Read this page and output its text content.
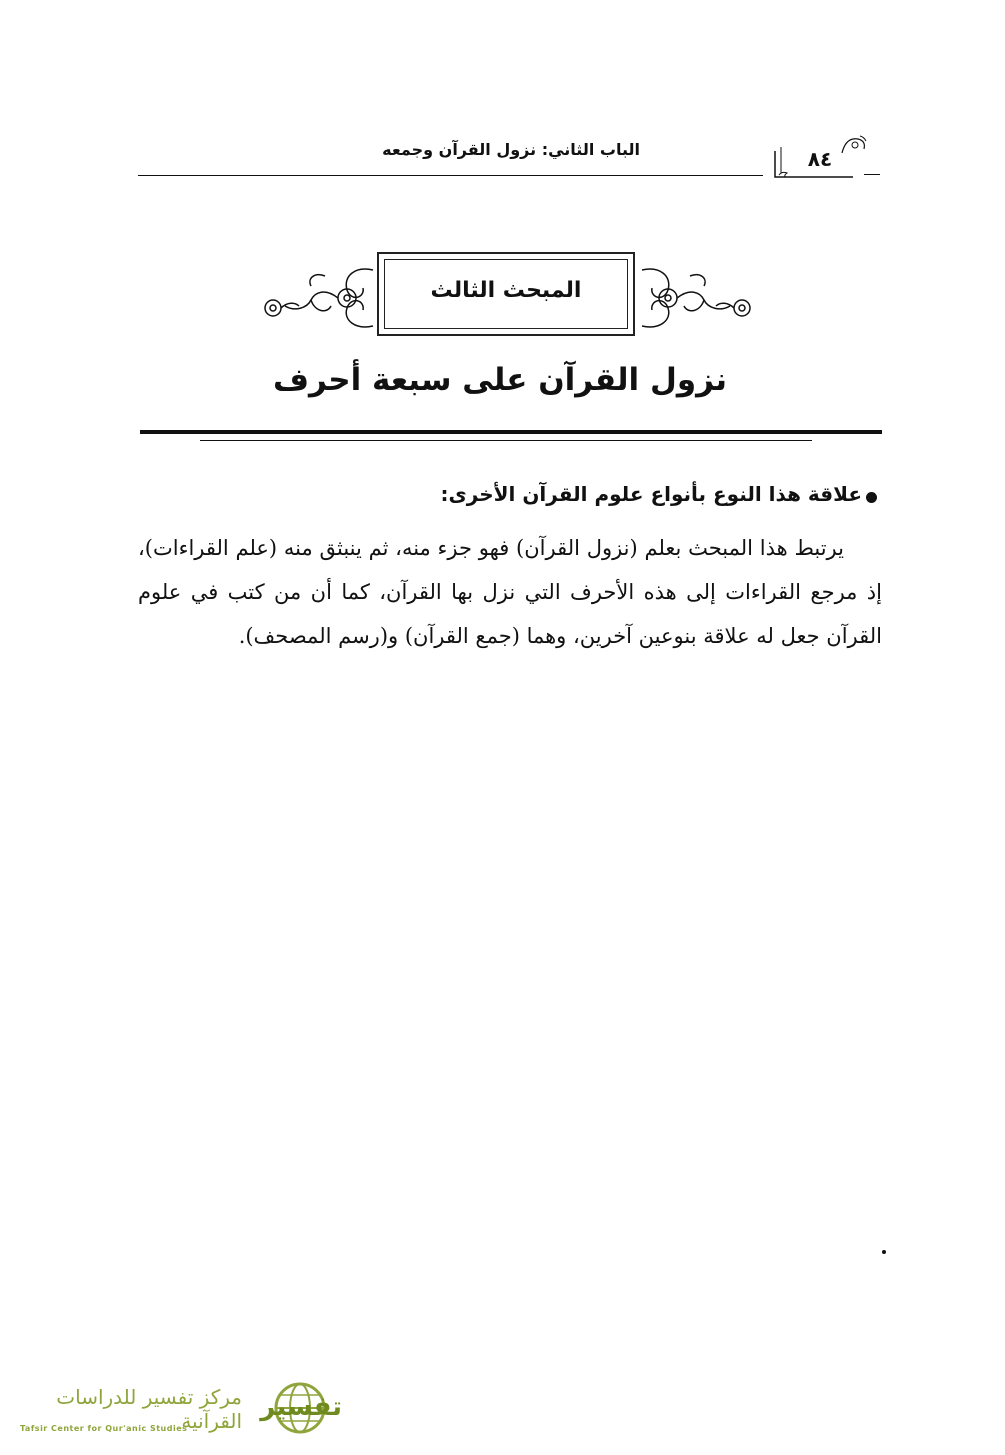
الباب الثاني: نزول القرآن وجمعه	٨٤
المبحث الثالث
نزول القرآن على سبعة أحرف
علاقة هذا النوع بأنواع علوم القرآن الأخرى:
يرتبط هذا المبحث بعلم (نزول القرآن) فهو جزء منه، ثم ينبثق منه (علم القراءات)، إذ مرجع القراءات إلى هذه الأحرف التي نزل بها القرآن، كما أن من كتب في علوم القرآن جعل له علاقة بنوعين آخرين، وهما (جمع القرآن) و(رسم المصحف).
مركز تفسير للدراسات القرآنية
Tafsir Center for Qur'anic Studies
تفسير
